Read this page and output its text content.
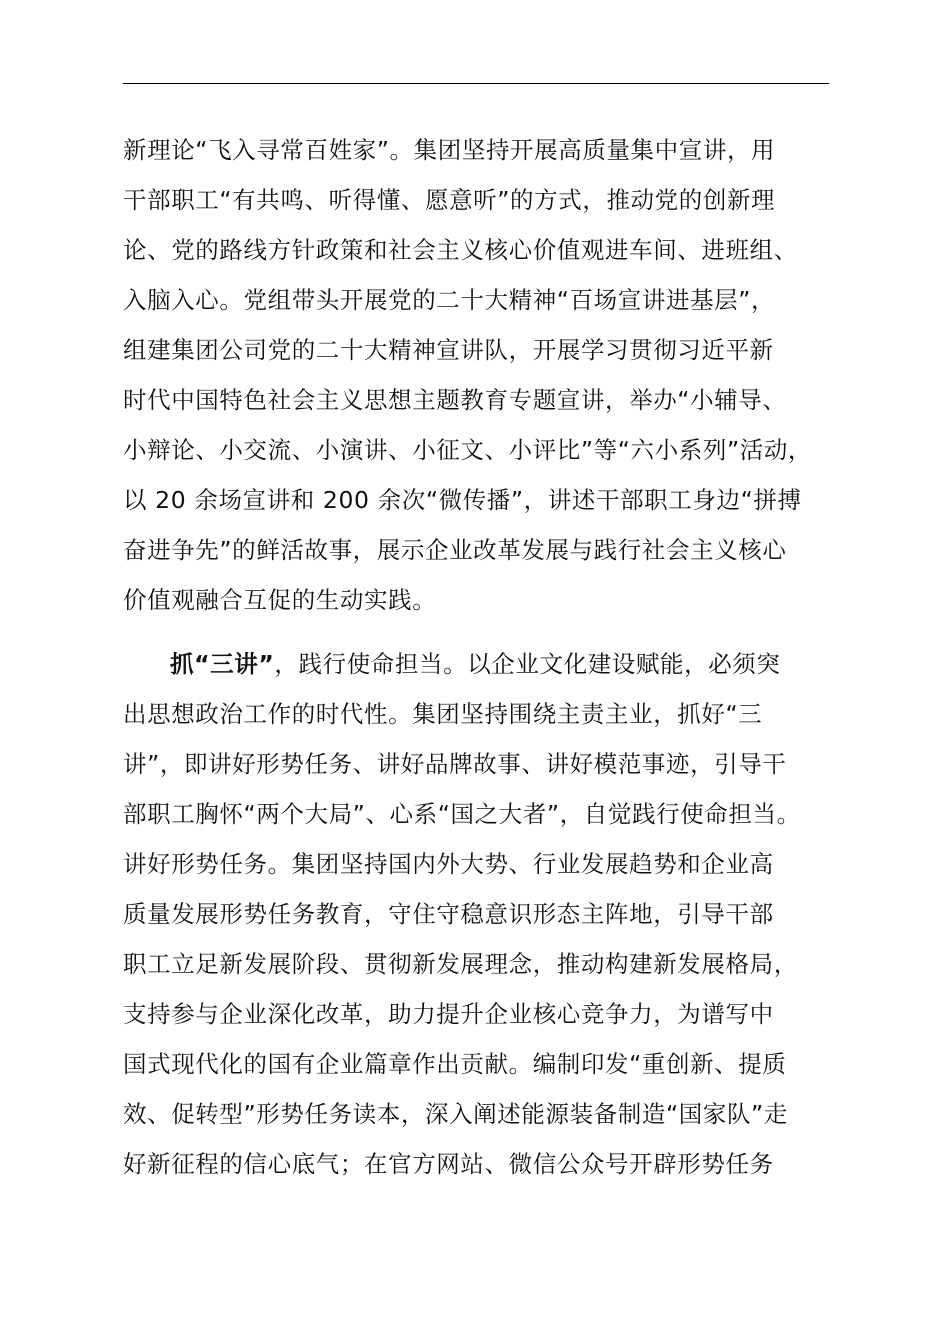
新理论“飞入寻常百姓家”。集团坚持开展高质量集中宣讲，用
干部职工“有共鸣、听得懂、愿意听”的方式，推动党的创新理
论、党的路线方针政策和社会主义核心价值观进车间、进班组、
入脑入心。党组带头开展党的二十大精神“百场宣讲进基层”，
组建集团公司党的二十大精神宣讲队，开展学习贯彻习近平新
时代中国特色社会主义思想主题教育专题宣讲，举办“小辅导、
小辩论、小交流、小演讲、小征文、小评比”等“六小系列”活动，
以 20 余场宣讲和 200 余次“微传播”，讲述干部职工身边“拼搏
奋进争先”的鲜活故事，展示企业改革发展与践行社会主义核心
价值观融合互促的生动实践。
抓“三讲”，践行使命担当。以企业文化建设赋能，必须突
出思想政治工作的时代性。集团坚持围绕主责主业，抓好“三
讲”，即讲好形势任务、讲好品牌故事、讲好模范事迹，引导干
部职工胸怀“两个大局”、心系“国之大者”，自觉践行使命担当。
讲好形势任务。集团坚持国内外大势、行业发展趋势和企业高
质量发展形势任务教育，守住守稳意识形态主阵地，引导干部
职工立足新发展阶段、贯彻新发展理念，推动构建新发展格局，
支持参与企业深化改革，助力提升企业核心竞争力，为谱写中
国式现代化的国有企业篇章作出贡献。编制印发“重创新、提质
效、促转型”形势任务读本，深入阐述能源装备制造“国家队”走
好新征程的信心底气；在官方网站、微信公众号开辟形势任务
